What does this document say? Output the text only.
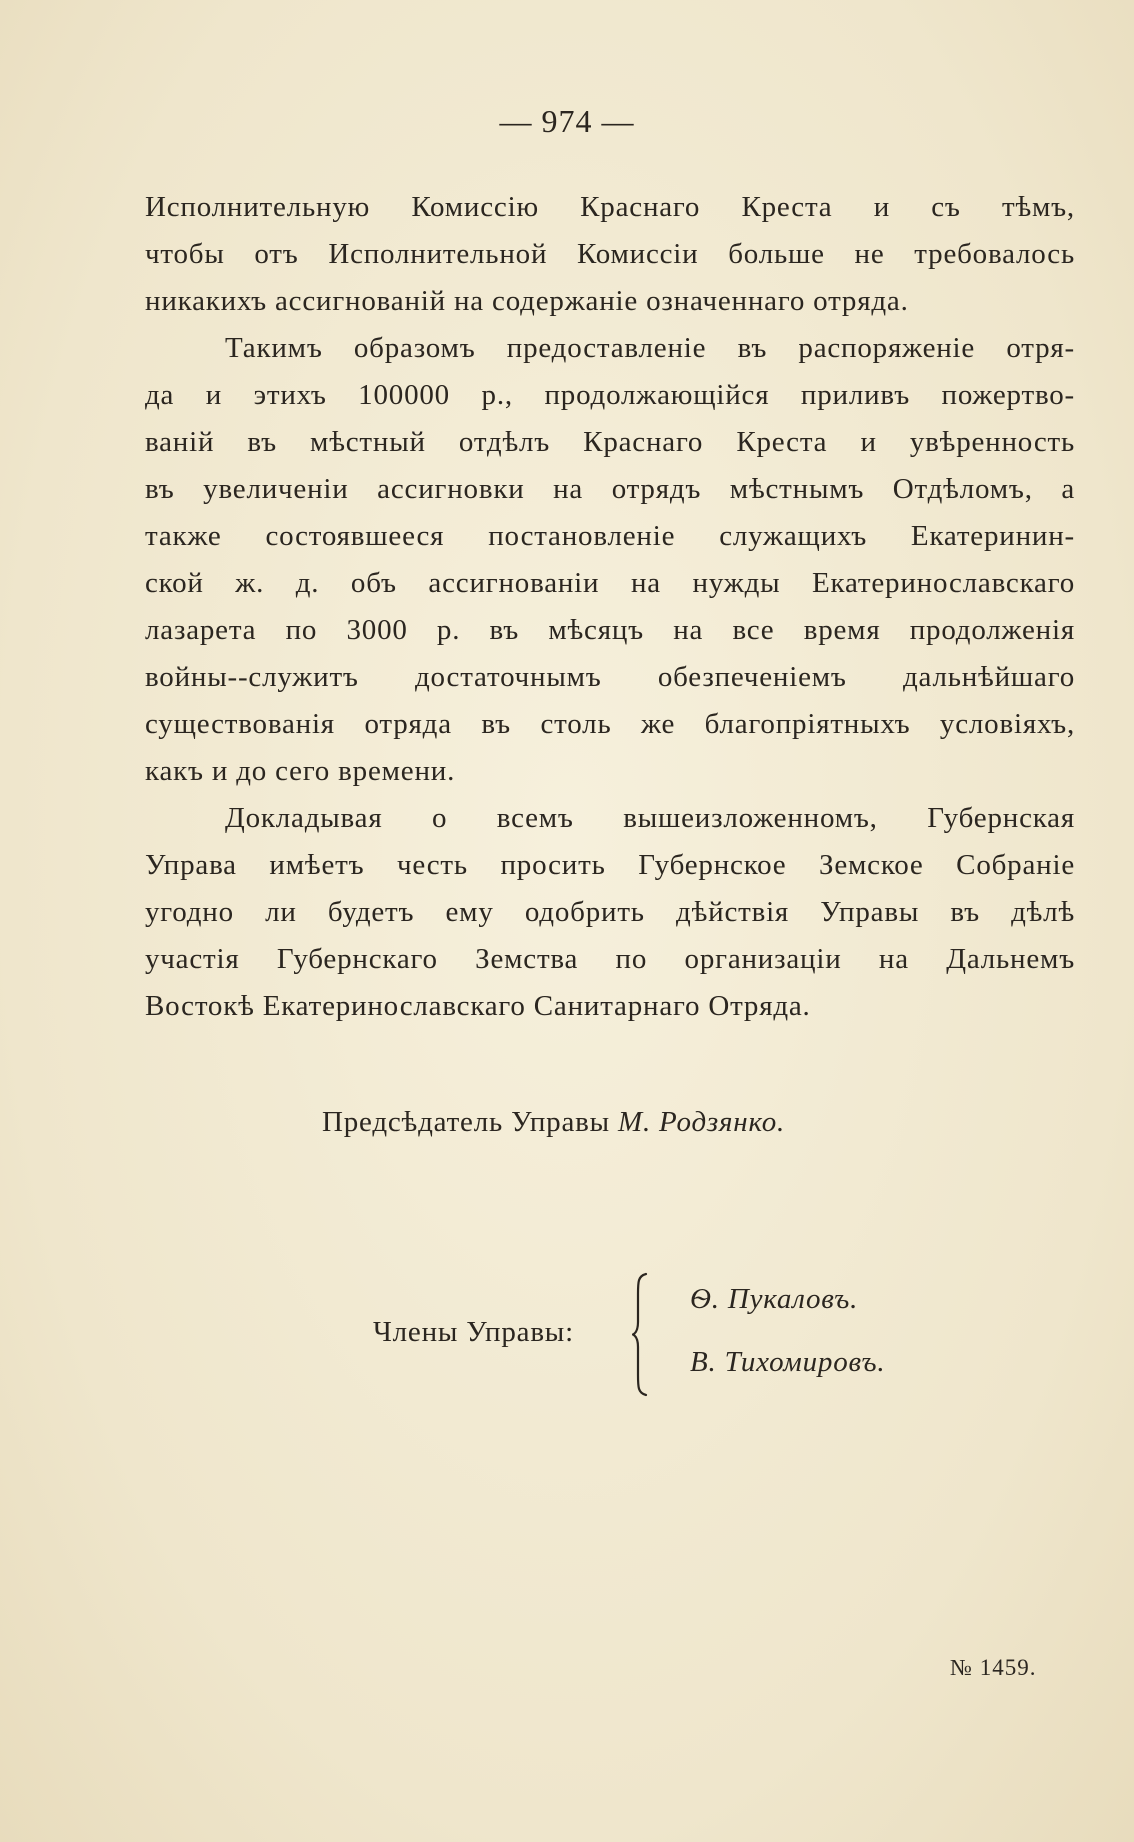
— 974 —
Исполнительную Комиссію Краснаго Креста и съ тѣмъ,
чтобы отъ Исполнительной Комиссіи больше не требовалось
никакихъ ассигнованій на содержаніе означеннаго отряда.
Такимъ образомъ предоставленіе въ распоряженіе отря-
да и этихъ 100000 р., продолжающійся приливъ пожертво-
ваній въ мѣстный отдѣлъ Краснаго Креста и увѣренность
въ увеличеніи ассигновки на отрядъ мѣстнымъ Отдѣломъ, а
также состоявшееся постановленіе служащихъ Екатеринин-
ской ж. д. объ ассигнованіи на нужды Екатеринославскаго
лазарета по 3000 р. въ мѣсяцъ на все время продолженія
войны--служитъ достаточнымъ обезпеченіемъ дальнѣйшаго
существованія отряда въ столь же благопріятныхъ условіяхъ,
какъ и до сего времени.
Докладывая о всемъ вышеизложенномъ, Губернская
Управа имѣетъ честь просить Губернское Земское Собраніе
угодно ли будетъ ему одобрить дѣйствія Управы въ дѣлѣ
участія Губернскаго Земства по организаціи на Дальнемъ
Востокѣ Екатеринославскаго Санитарнаго Отряда.
Предсѣдатель Управы М. Родзянко.
Члены Управы:
Ѳ. Пукаловъ.
В. Тихомировъ.
№ 1459.
